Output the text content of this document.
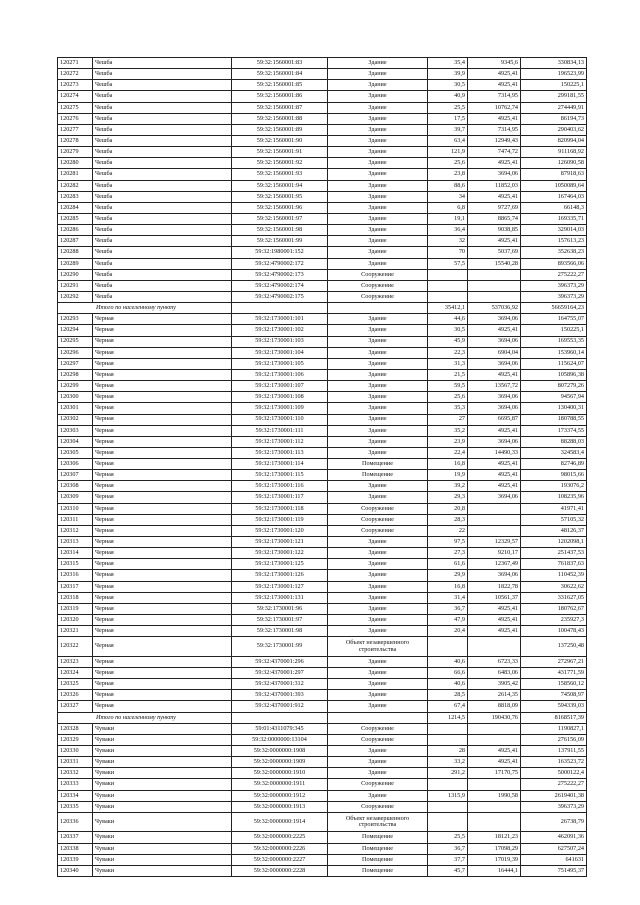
120271	Чешба	59:32:1560001:83	Здание	35,4	9345,6	330834,13
120272	Чешба	59:32:1560001:84	Здание	39,9	4925,41	196523,99
120273	Чешба	59:32:1560001:85	Здание	30,5	4925,41	150225,1
120274	Чешба	59:32:1560001:86	Здание	40,9	7314,95	299181,55
120275	Чешба	59:32:1560001:87	Здание	25,5	10762,74	274449,91
120276	Чешба	59:32:1560001:88	Здание	17,5	4925,41	86194,73
120277	Чешба	59:32:1560001:89	Здание	39,7	7314,95	290403,62
120278	Чешба	59:32:1560001:90	Здание	63,4	12949,43	820994,04
120279	Чешба	59:32:1560001:91	Здание	121,9	7474,72	911168,92
120280	Чешба	59:32:1560001:92	Здание	25,6	4925,41	126090,58
120281	Чешба	59:32:1560001:93	Здание	23,8	3694,06	87918,63
120282	Чешба	59:32:1560001:94	Здание	88,6	11852,03	1050089,64
120283	Чешба	59:32:1560001:95	Здание	34	4925,41	167464,03
120284	Чешба	59:32:1560001:96	Здание	6,8	9727,69	66148,3
120285	Чешба	59:32:1560001:97	Здание	19,1	8865,74	169335,71
120286	Чешба	59:32:1560001:98	Здание	36,4	9038,85	329014,03
120287	Чешба	59:32:1560001:99	Здание	32	4925,41	157613,23
120288	Чешба	59:32:1980001:152	Здание	70	5037,69	352638,23
120289	Чешба	59:32:4790002:172	Здание	57,5	15540,28	893566,06
120290	Чешба	59:32:4790002:173	Сооружение			275222,27
120291	Чешба	59:32:4790002:174	Сооружение			396373,29
120292	Чешба	59:32:4790002:175	Сооружение			396373,29
Итого по населенному пункту				35412,1	537036,92	56659164,23
120293	Черная	59:32:1730001:101	Здание	44,6	3694,06	164755,07
120294	Черная	59:32:1730001:102	Здание	30,5	4925,41	150225,1
120295	Черная	59:32:1730001:103	Здание	45,9	3694,06	169553,35
120296	Черная	59:32:1730001:104	Здание	22,3	6904,04	153960,14
120297	Черная	59:32:1730001:105	Здание	31,3	3694,06	115624,07
120298	Черная	59:32:1730001:106	Здание	21,5	4925,41	105896,38
120299	Черная	59:32:1730001:107	Здание	59,5	13567,72	807279,26
120300	Черная	59:32:1730001:108	Здание	25,6	3694,06	94567,94
120301	Черная	59:32:1730001:109	Здание	35,3	3694,06	130400,31
120302	Черная	59:32:1730001:110	Здание	27	6695,87	180788,55
120303	Черная	59:32:1730001:111	Здание	35,2	4925,41	173374,55
120304	Черная	59:32:1730001:112	Здание	23,9	3694,06	88288,03
120305	Черная	59:32:1730001:113	Здание	22,4	14490,33	324583,4
120306	Черная	59:32:1730001:114	Помещение	16,8	4925,41	82746,89
120307	Черная	59:32:1730001:115	Помещение	19,9	4925,41	98015,66
120308	Черная	59:32:1730001:116	Здание	39,2	4925,41	193076,2
120309	Черная	59:32:1730001:117	Здание	29,3	3694,06	108235,96
120310	Черная	59:32:1730001:118	Сооружение	20,8		41971,41
120311	Черная	59:32:1730001:119	Сооружение	28,3		57105,32
120312	Черная	59:32:1730001:120	Сооружение	22		48126,37
120313	Черная	59:32:1730001:121	Здание	97,5	12329,57	1202098,1
120314	Черная	59:32:1730001:122	Здание	27,3	9210,17	251437,53
120315	Черная	59:32:1730001:125	Здание	61,6	12367,49	761837,63
120316	Черная	59:32:1730001:126	Здание	29,9	3694,06	110452,39
120317	Черная	59:32:1730001:127	Здание	16,8	1822,78	30622,62
120318	Черная	59:32:1730001:131	Здание	31,4	10561,37	331627,05
120319	Черная	59:32:1730001:96	Здание	36,7	4925,41	180762,67
120320	Черная	59:32:1730001:97	Здание	47,9	4925,41	235927,3
120321	Черная	59:32:1730001:98	Здание	20,4	4925,41	100478,43
120322	Черная	59:32:1730001:99	Объект незавершенного строительства			137250,48
120323	Черная	59:32:4370001:296	Здание	40,6	6723,33	272967,21
120324	Черная	59:32:4370001:297	Здание	66,6	6483,06	431771,59
120325	Черная	59:32:4370001:312	Здание	40,6	3905,42	158560,12
120326	Черная	59:32:4370001:393	Здание	28,5	2614,35	74508,97
120327	Черная	59:32:4370001:912	Здание	67,4	8818,09	594339,03
Итого по населенному пункту				1214,5	190430,76	8168517,39
120328	Чуваки	59:01:4311079:345	Сооружение			1190827,1
120329	Чуваки	59:32:0000000:13104	Сооружение			276156,09
120330	Чуваки	59:32:0000000:1908	Здание	28	4925,41	137911,55
120331	Чуваки	59:32:0000000:1909	Здание	33,2	4925,41	163523,72
120332	Чуваки	59:32:0000000:1910	Здание	291,2	17170,75	5000122,4
120333	Чуваки	59:32:0000000:1911	Сооружение			275222,27
120334	Чуваки	59:32:0000000:1912	Здание	1315,9	1990,58	2619401,38
120335	Чуваки	59:32:0000000:1913	Сооружение			396373,29
120336	Чуваки	59:32:0000000:1914	Объект незавершенного строительства			26738,79
120337	Чуваки	59:32:0000000:2225	Помещение	25,5	18121,23	462091,36
120338	Чуваки	59:32:0000000:2226	Помещение	36,7	17098,29	627507,24
120339	Чуваки	59:32:0000000:2227	Помещение	37,7	17019,39	641631
120340	Чуваки	59:32:0000000:2228	Помещение	45,7	16444,1	751495,37
